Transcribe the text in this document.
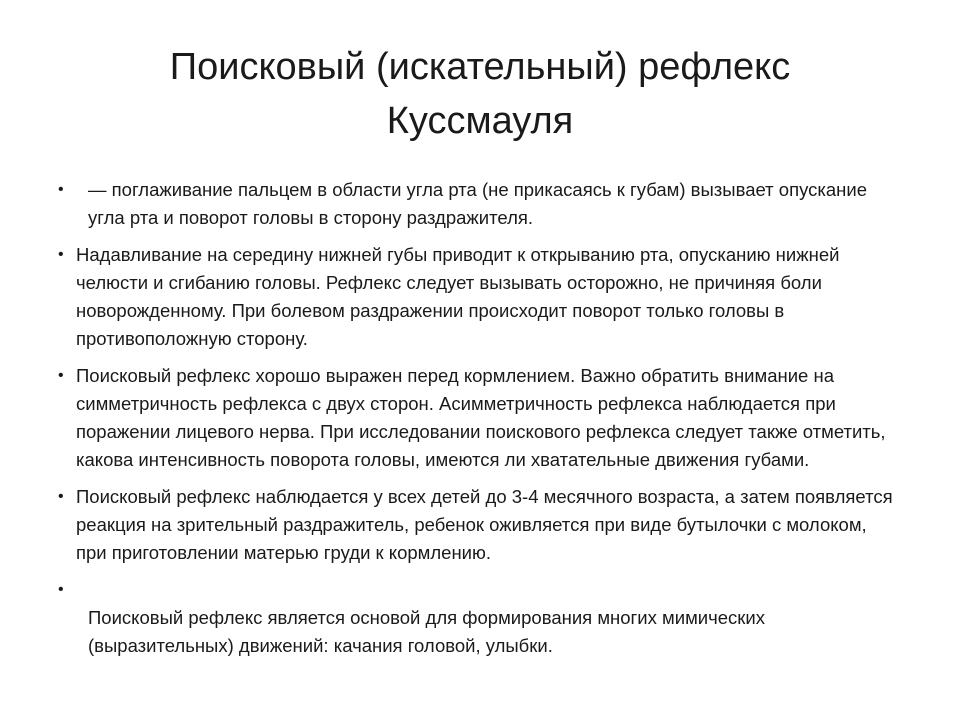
Поисковый (искательный) рефлекс
Куссмауля
•	— поглаживание пальцем в области угла рта (не прикасаясь к губам) вызывает опускание угла рта и поворот головы в сторону раздражителя.
• Надавливание на середину нижней губы приводит к открыванию рта, опусканию нижней челюсти и сгибанию головы. Рефлекс следует вызывать осторожно, не причиняя боли новорожденному. При болевом раздражении происходит поворот только головы в противоположную сторону.
• Поисковый рефлекс хорошо выражен перед кормлением. Важно обратить внимание на симметричность рефлекса с двух сторон. Асимметричность рефлекса наблюдается при поражении лицевого нерва. При исследовании поискового рефлекса следует также отметить, какова интенсивность поворота головы, имеются ли хватательные движения губами.
• Поисковый рефлекс наблюдается у всех детей до 3-4 месячного возраста, а затем появляется реакция на зрительный раздражитель, ребенок оживляется при виде бутылочки с молоком, при приготовлении матерью груди к кормлению.
•
Поисковый рефлекс является основой для формирования многих мимических (выразительных) движений: качания головой, улыбки.
